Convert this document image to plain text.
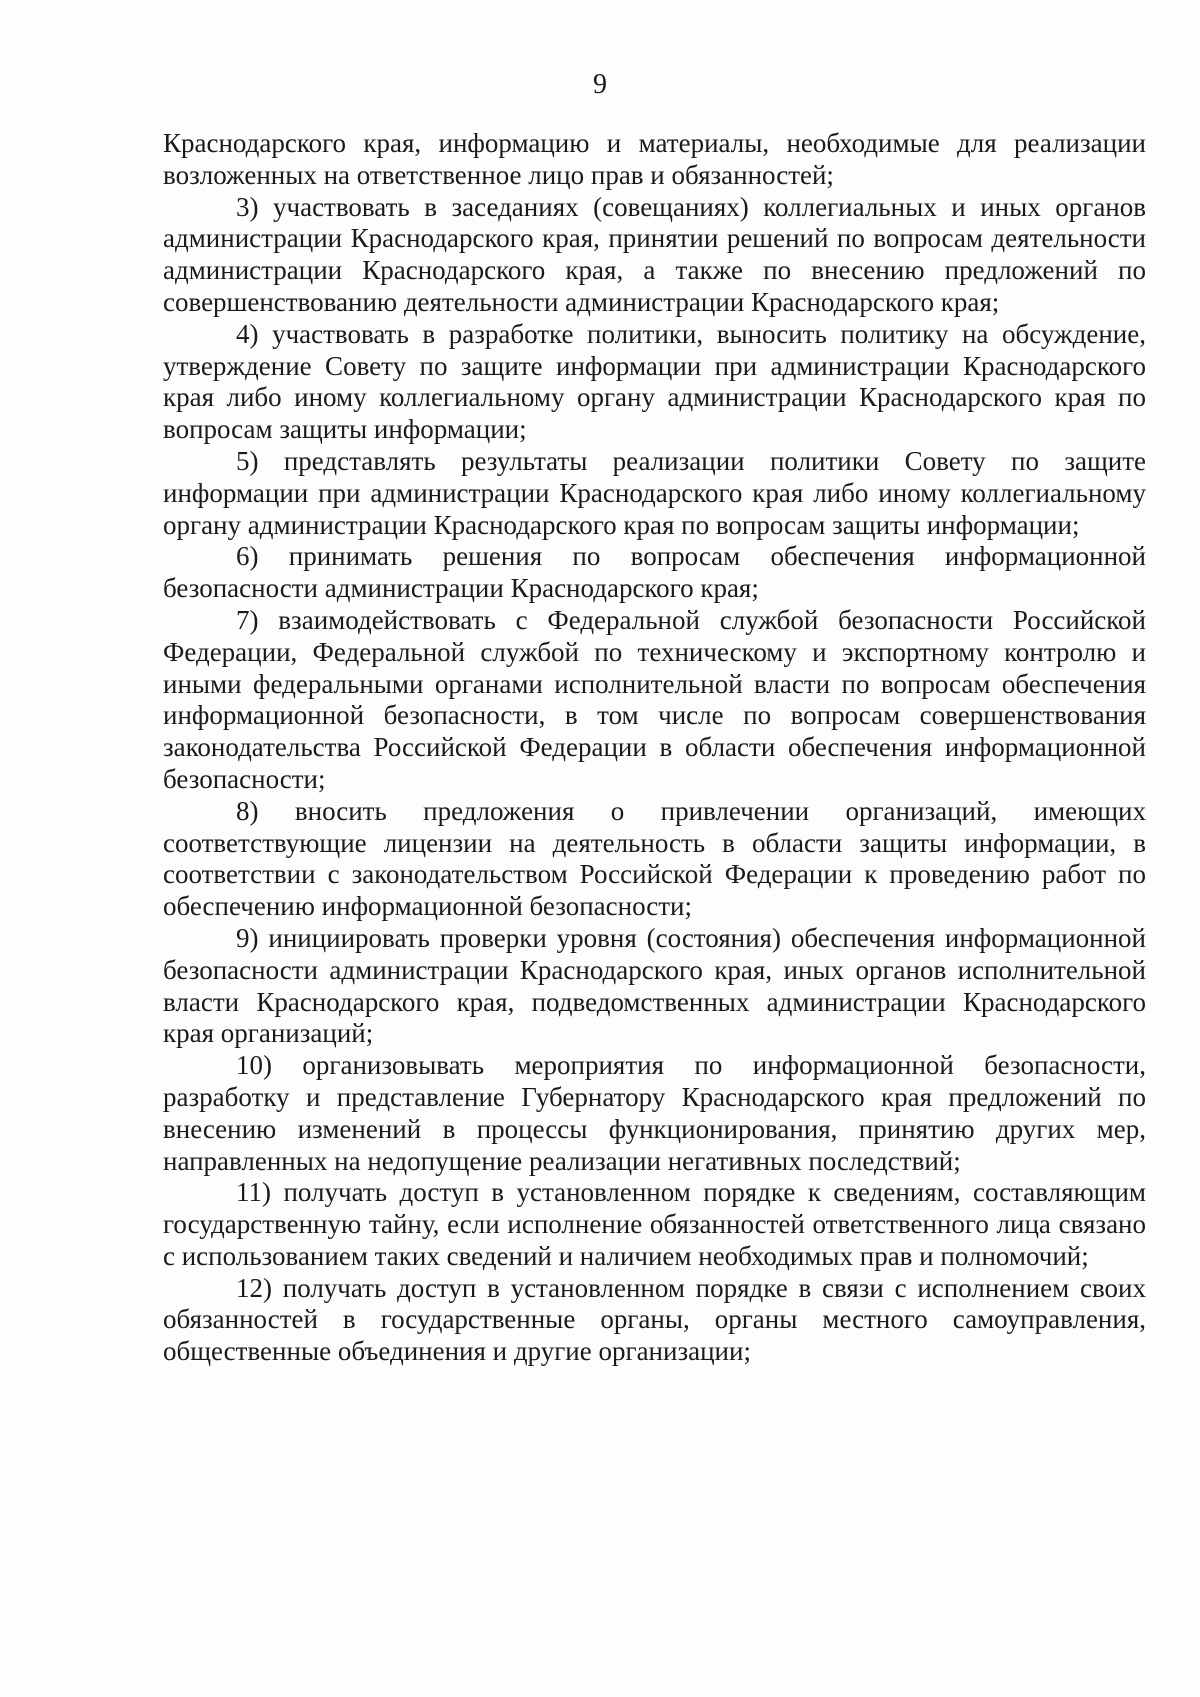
9

Краснодарского края, информацию и материалы, необходимые для реализации возложенных на ответственное лицо прав и обязанностей;

3) участвовать в заседаниях (совещаниях) коллегиальных и иных органов администрации Краснодарского края, принятии решений по вопросам деятельности администрации Краснодарского края, а также по внесению предложений по совершенствованию деятельности администрации Краснодарского края;

4) участвовать в разработке политики, выносить политику на обсуждение, утверждение Совету по защите информации при администрации Краснодарского края либо иному коллегиальному органу администрации Краснодарского края по вопросам защиты информации;

5) представлять результаты реализации политики Совету по защите информации при администрации Краснодарского края либо иному коллегиальному органу администрации Краснодарского края по вопросам защиты информации;

6) принимать решения по вопросам обеспечения информационной безопасности администрации Краснодарского края;

7) взаимодействовать с Федеральной службой безопасности Российской Федерации, Федеральной службой по техническому и экспортному контролю и иными федеральными органами исполнительной власти по вопросам обеспечения информационной безопасности, в том числе по вопросам совершенствования законодательства Российской Федерации в области обеспечения информационной безопасности;

8) вносить предложения о привлечении организаций, имеющих соответствующие лицензии на деятельность в области защиты информации, в соответствии с законодательством Российской Федерации к проведению работ по обеспечению информационной безопасности;

9) инициировать проверки уровня (состояния) обеспечения информационной безопасности администрации Краснодарского края, иных органов исполнительной власти Краснодарского края, подведомственных администрации Краснодарского края организаций;

10) организовывать мероприятия по информационной безопасности, разработку и представление Губернатору Краснодарского края предложений по внесению изменений в процессы функционирования, принятию других мер, направленных на недопущение реализации негативных последствий;

11) получать доступ в установленном порядке к сведениям, составляющим государственную тайну, если исполнение обязанностей ответственного лица связано с использованием таких сведений и наличием необходимых прав и полномочий;

12) получать доступ в установленном порядке в связи с исполнением своих обязанностей в государственные органы, органы местного самоуправления, общественные объединения и другие организации;
